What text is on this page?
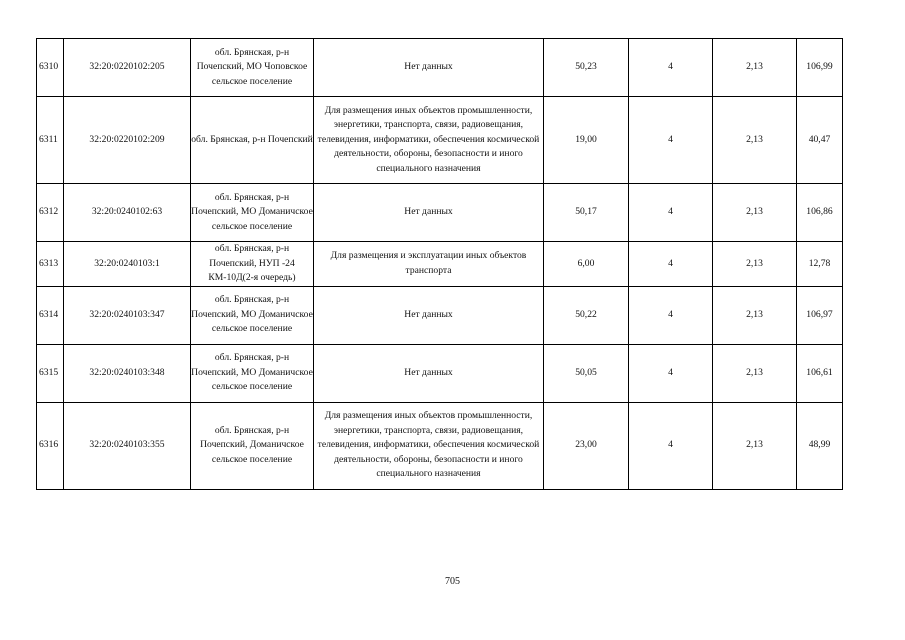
6310	32:20:0220102:205	обл. Брянская, р-н Почепский, МО Чоповское сельское поселение	Нет данных	50,23	4	2,13	106,99
6311	32:20:0220102:209	обл. Брянская, р-н Почепский	Для размещения иных объектов промышленности, энергетики, транспорта, связи, радиовещания, телевидения, информатики, обеспечения космической деятельности, обороны, безопасности и иного специального назначения	19,00	4	2,13	40,47
6312	32:20:0240102:63	обл. Брянская, р-н Почепский, МО Доманичское сельское поселение	Нет данных	50,17	4	2,13	106,86
6313	32:20:0240103:1	обл. Брянская, р-н Почепский, НУП -24 КМ-10Д(2-я очередь)	Для размещения и эксплуатации иных объектов транспорта	6,00	4	2,13	12,78
6314	32:20:0240103:347	обл. Брянская, р-н Почепский, МО Доманичское сельское поселение	Нет данных	50,22	4	2,13	106,97
6315	32:20:0240103:348	обл. Брянская, р-н Почепский, МО Доманичское сельское поселение	Нет данных	50,05	4	2,13	106,61
6316	32:20:0240103:355	обл. Брянская, р-н Почепский, Доманичское сельское поселение	Для размещения иных объектов промышленности, энергетики, транспорта, связи, радиовещания, телевидения, информатики, обеспечения космической деятельности, обороны, безопасности и иного специального назначения	23,00	4	2,13	48,99
705
